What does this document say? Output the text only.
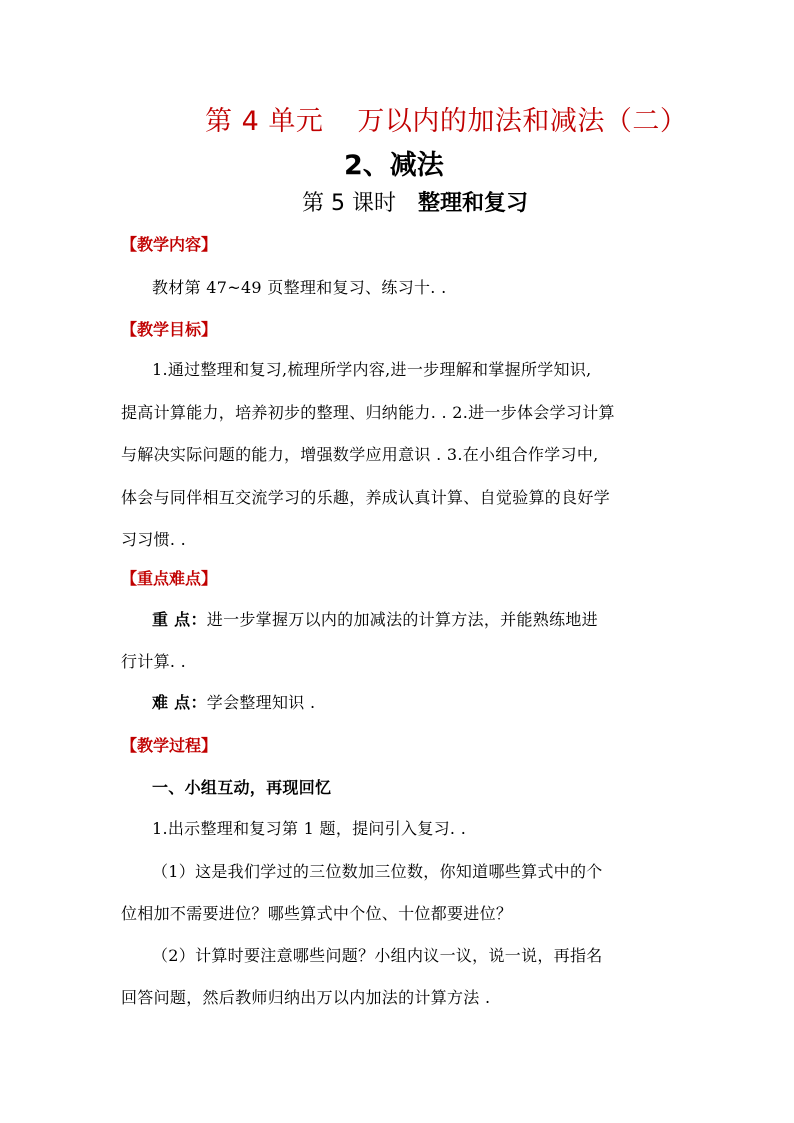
第 4 单元 万以内的加法和减法（二）
2、减法
第 5 课时 整理和复习
【教学内容】
教材第 47~49 页整理和复习、练习十. .
【教学目标】
1.通过整理和复习,梳理所学内容,进一步理解和掌握所学知识,
提高计算能力，培养初步的整理、归纳能力. . 2.进一步体会学习计算
与解决实际问题的能力，增强数学应用意识 . 3.在小组合作学习中,
体会与同伴相互交流学习的乐趣，养成认真计算、自觉验算的良好学
习习惯. .
【重点难点】
重 点：进一步掌握万以内的加减法的计算方法，并能熟练地进
行计算. .
难 点：学会整理知识 .
【教学过程】
一、小组互动，再现回忆
1.出示整理和复习第 1 题，提问引入复习. .
（1）这是我们学过的三位数加三位数，你知道哪些算式中的个
位相加不需要进位？哪些算式中个位、十位都要进位？
（2）计算时要注意哪些问题？小组内议一议，说一说，再指名
回答问题，然后教师归纳出万以内加法的计算方法 .
